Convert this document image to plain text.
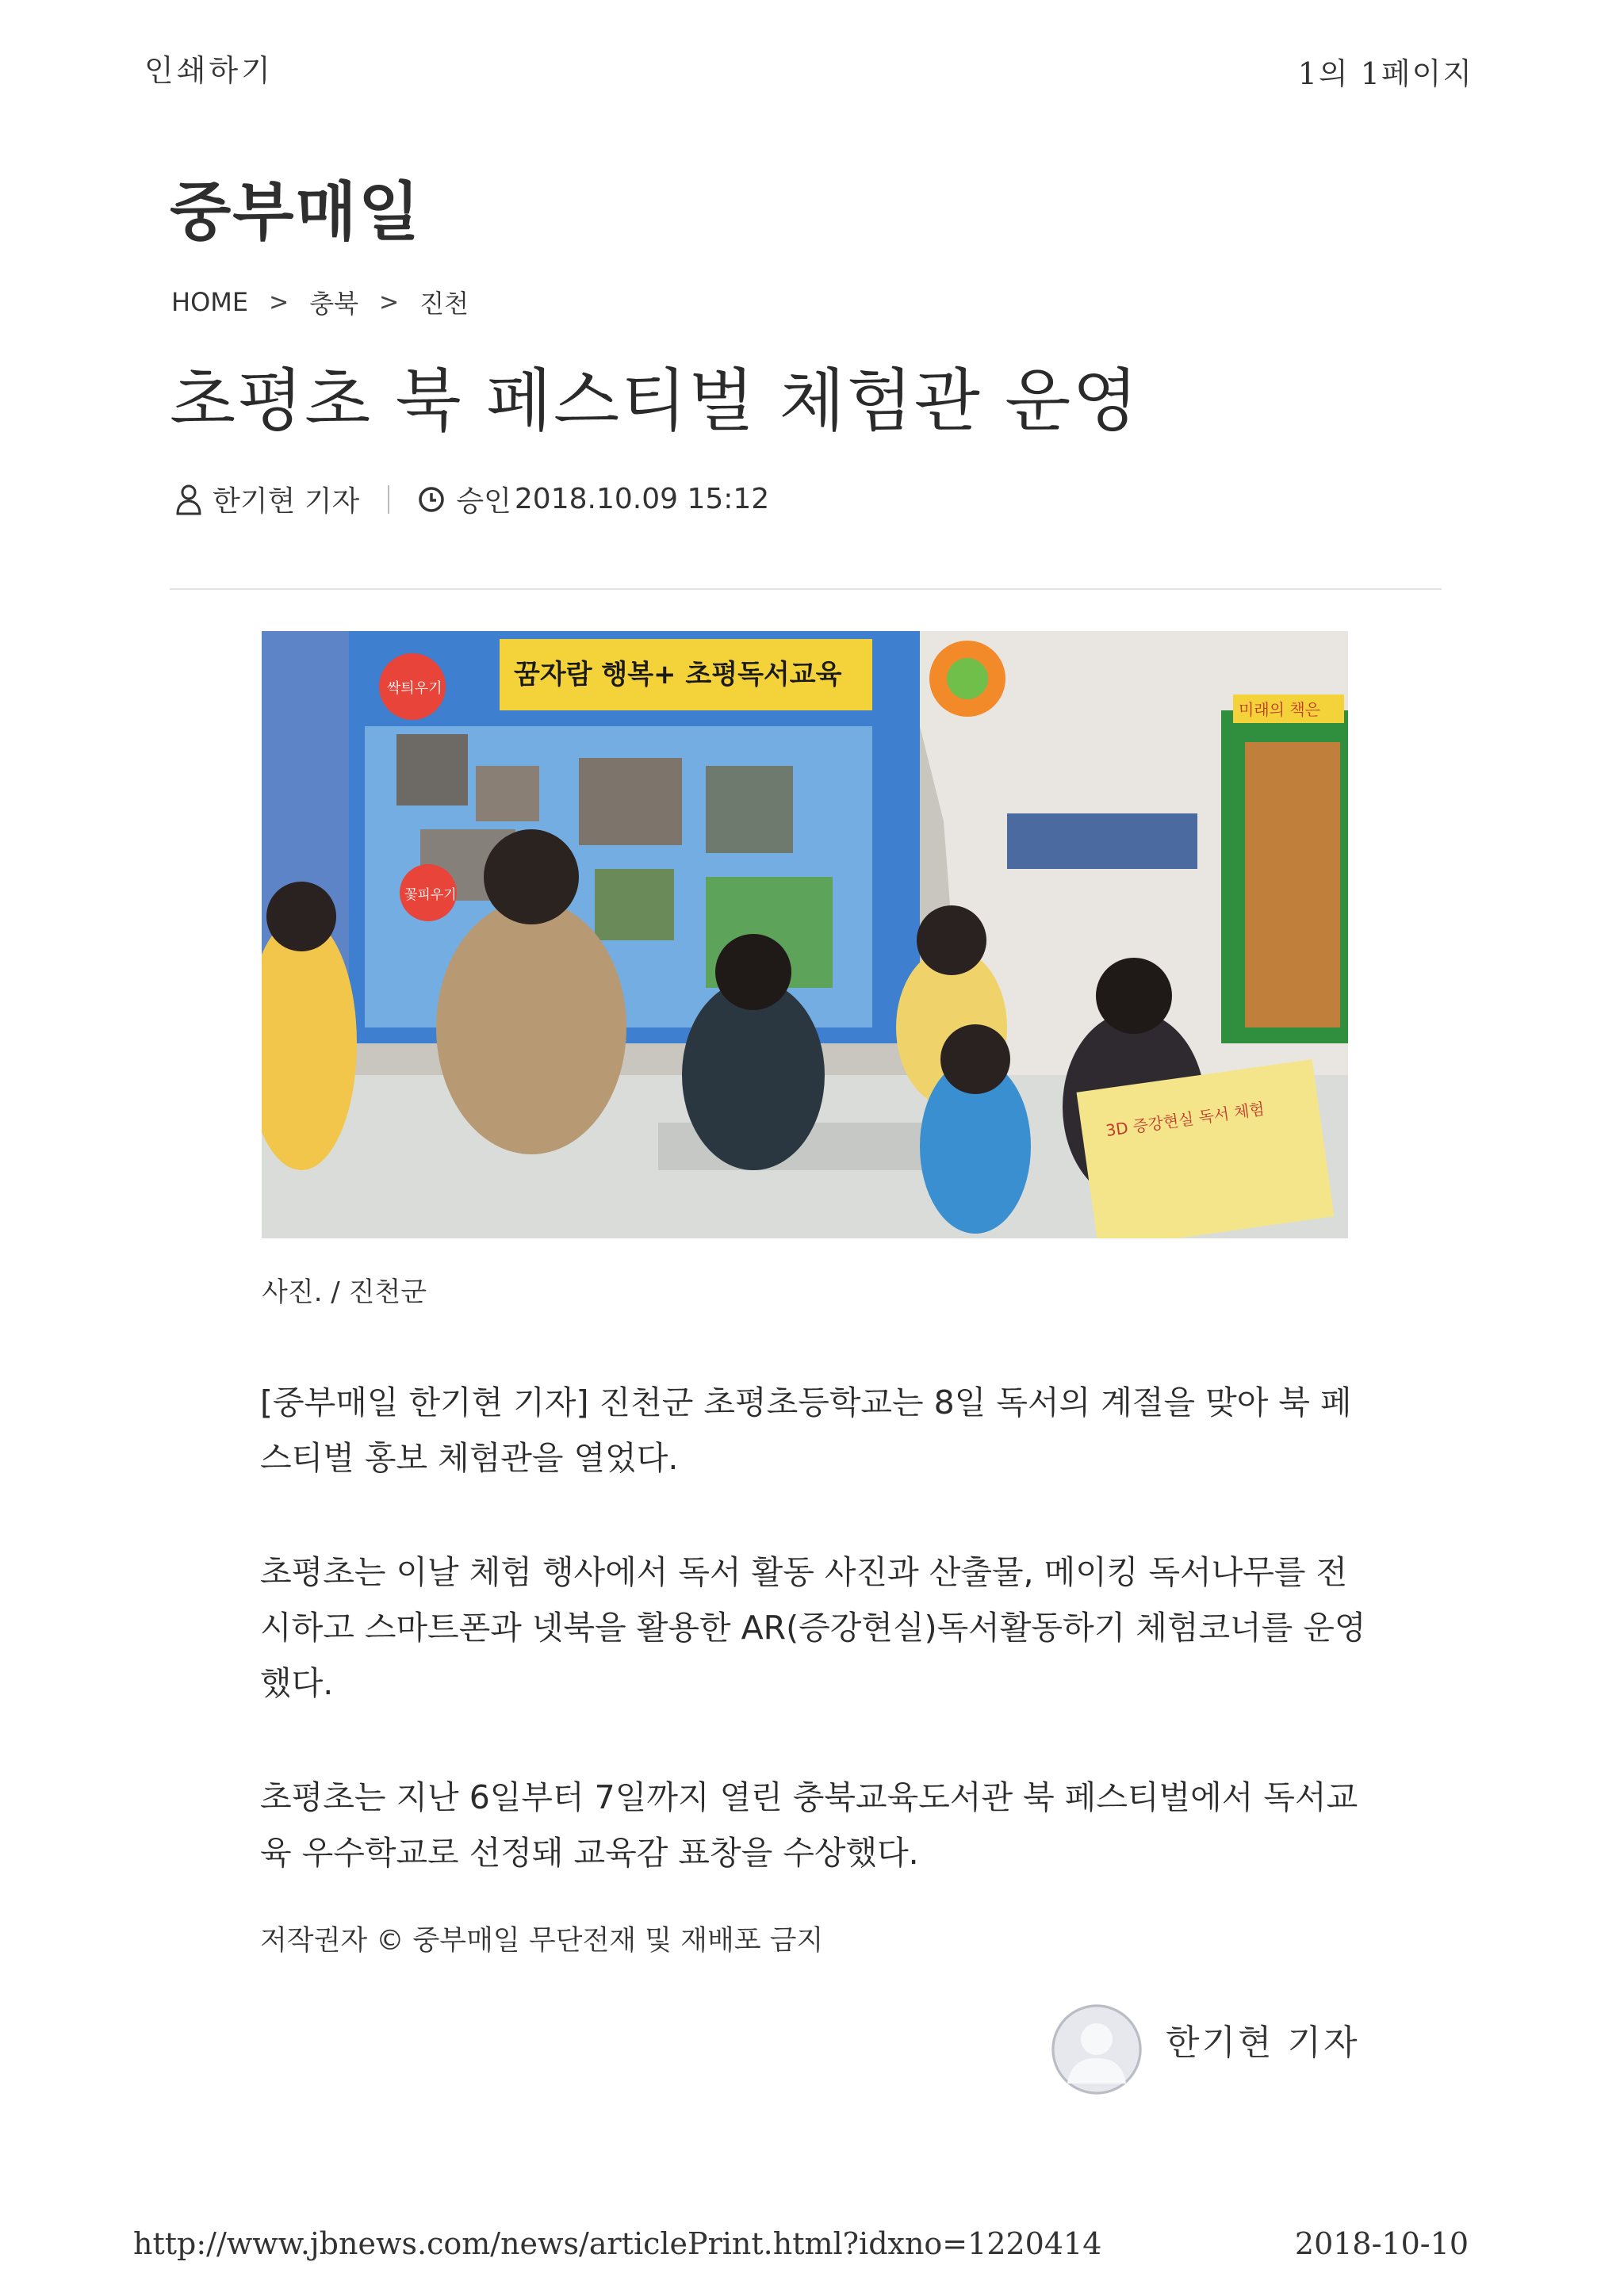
인쇄하기	1의 1페이지
중부매일
HOME > 충북 > 진천
초평초 북 페스티벌 체험관 운영
한기현 기자	승인 2018.10.09 15:12
꿈자람 행복+ 초평독서교육
싹틔우기
꽃피우기
미래의 책은
3D 증강현실 독서 체험
사진. / 진천군

[중부매일 한기현 기자] 진천군 초평초등학교는 8일 독서의 계절을 맞아 북 페스티벌 홍보 체험관을 열었다.

초평초는 이날 체험 행사에서 독서 활동 사진과 산출물, 메이킹 독서나무를 전시하고 스마트폰과 넷북을 활용한 AR(증강현실)독서활동하기 체험코너를 운영했다.

초평초는 지난 6일부터 7일까지 열린 충북교육도서관 북 페스티벌에서 독서교육 우수학교로 선정돼 교육감 표창을 수상했다.

저작권자 © 중부매일 무단전재 및 재배포 금지
한기현 기자
http://www.jbnews.com/news/articlePrint.html?idxno=1220414	2018-10-10
